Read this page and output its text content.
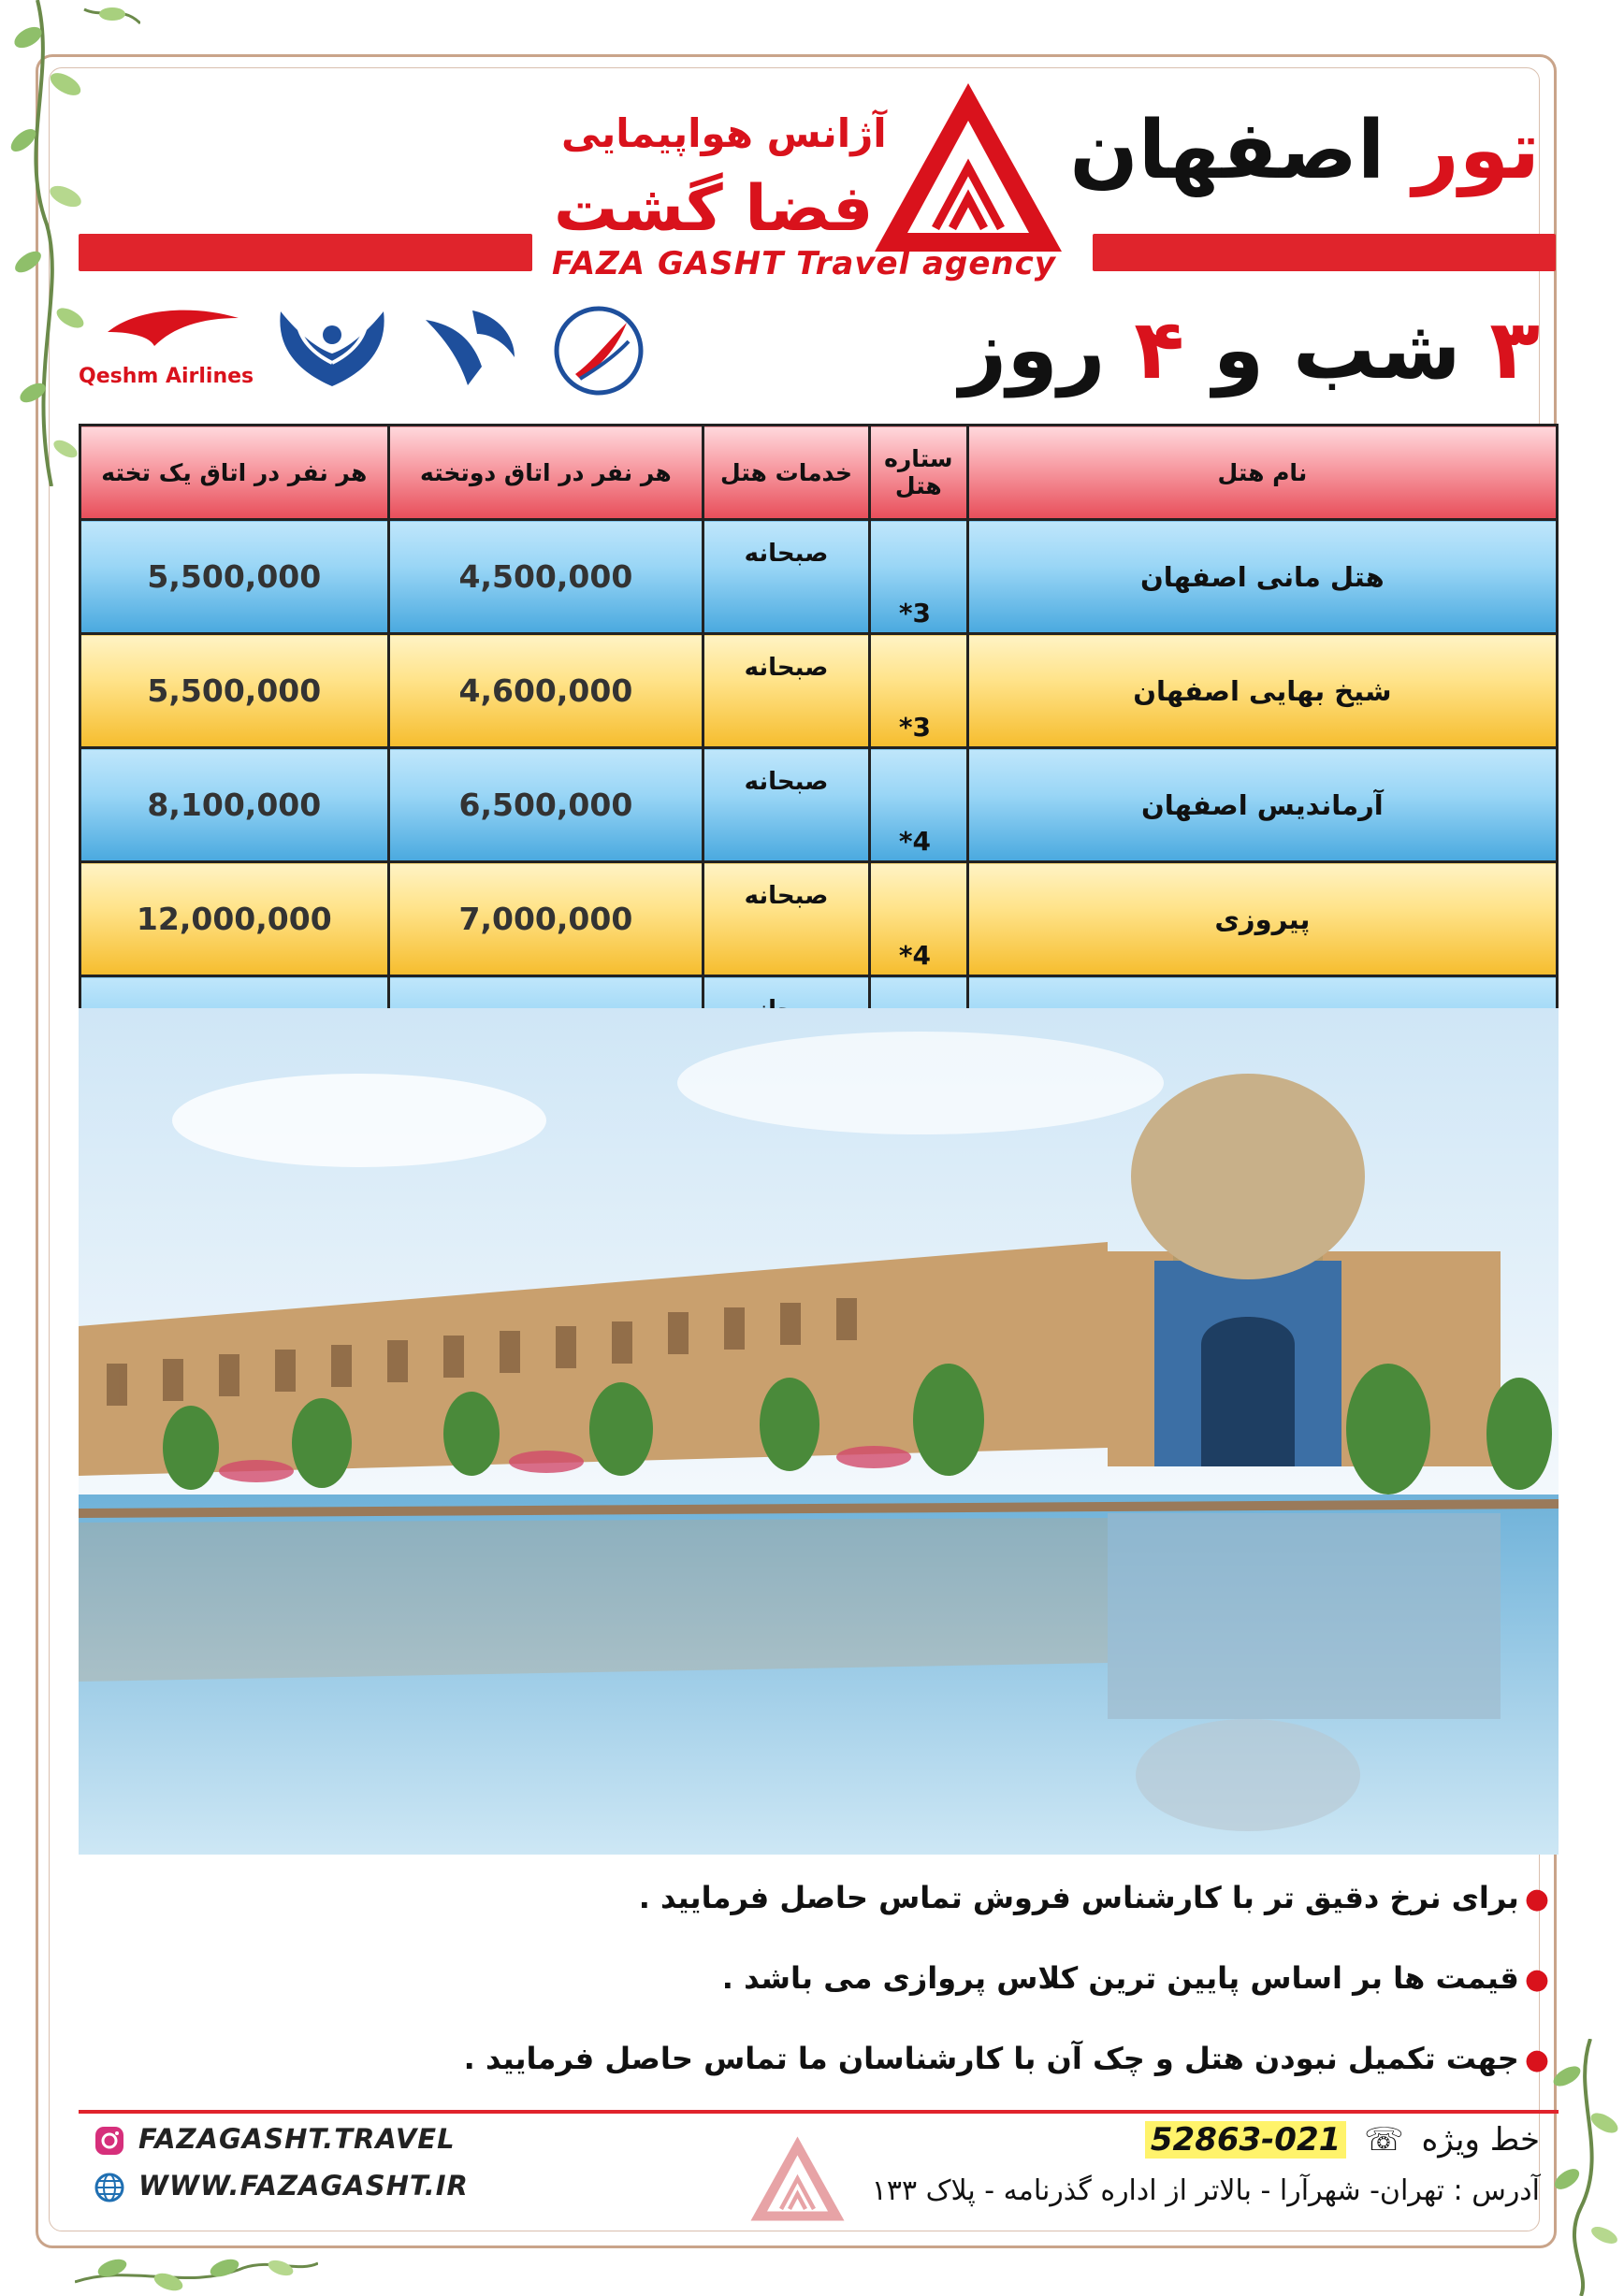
تور اصفهان
۳ شب و ۴ روز
آژانس هواپیمایی
فضا گشت
FAZA GASHT Travel agency
Qeshm Airlines
نام هتل	ستاره هتل	خدمات هتل	هر نفر در اتاق دوتخته	هر نفر در اتاق یک تخته
هتل مانی اصفهان	3*	صبحانه	4,500,000	5,500,000
شیخ بهایی اصفهان	3*	صبحانه	4,600,000	5,500,000
آرماندیس اصفهان	4*	صبحانه	6,500,000	8,100,000
پیروزی	4*	صبحانه	7,000,000	12,000,000

●برای نرخ دقیق تر با کارشناس فروش تماس حاصل فرمایید .
●قیمت ها بر اساس پایین ترین کلاس پروازی می باشد .
●جهت تکمیل نبودن هتل و چک آن با کارشناسان ما تماس حاصل فرمایید .
FAZAGASHT.TRAVEL
WWW.FAZAGASHT.IR
خط ویژه ☏ 021-52863
آدرس : تهران- شهرآرا - بالاتر از اداره گذرنامه - پلاک ۱۳۳
